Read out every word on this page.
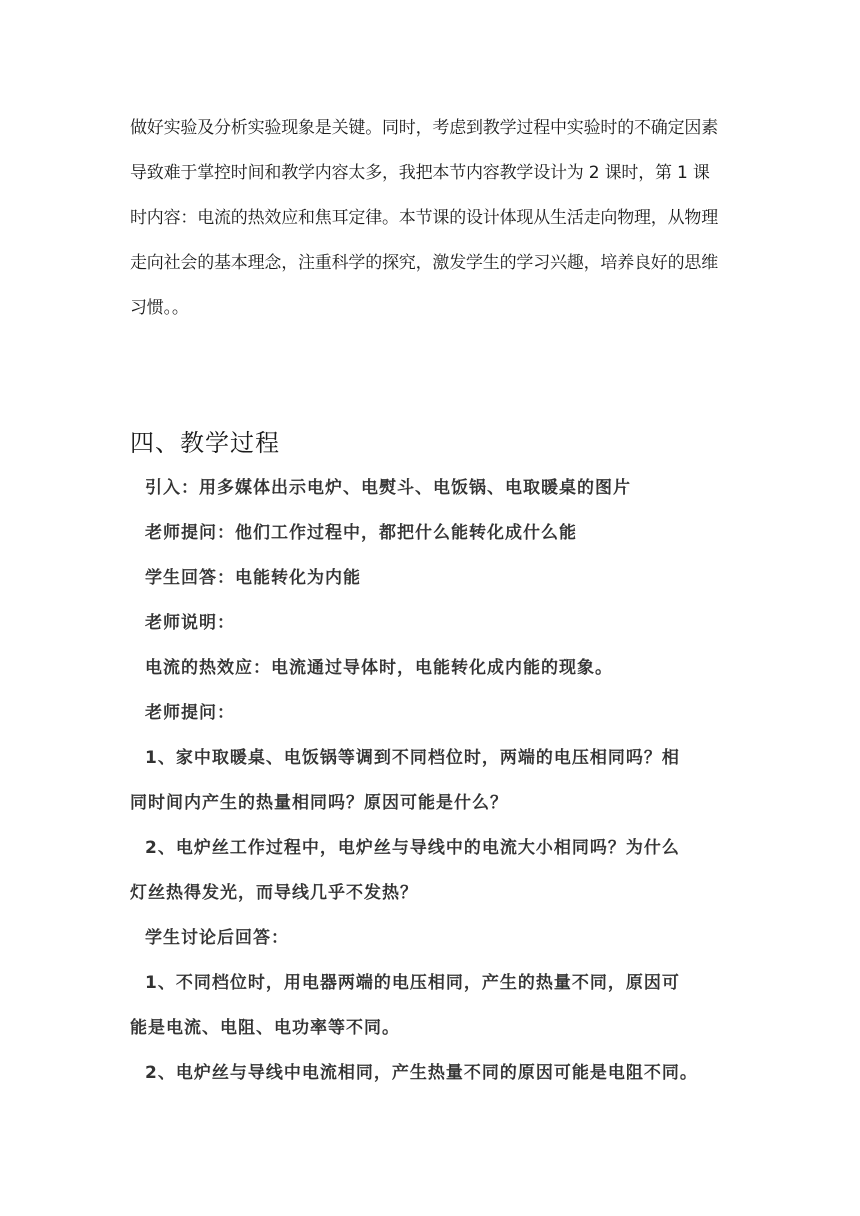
做好实验及分析实验现象是关键。同时，考虑到教学过程中实验时的不确定因素
导致难于掌控时间和教学内容太多，我把本节内容教学设计为 2 课时，第 1 课
时内容：电流的热效应和焦耳定律。本节课的设计体现从生活走向物理，从物理
走向社会的基本理念，注重科学的探究，激发学生的学习兴趣，培养良好的思维
习惯。。
四、教学过程
引入：用多媒体出示电炉、电熨斗、电饭锅、电取暖桌的图片
老师提问：他们工作过程中，都把什么能转化成什么能
学生回答：电能转化为内能
老师说明：
电流的热效应：电流通过导体时，电能转化成内能的现象。
老师提问：
1、家中取暖桌、电饭锅等调到不同档位时，两端的电压相同吗？相
同时间内产生的热量相同吗？原因可能是什么？
2、电炉丝工作过程中，电炉丝与导线中的电流大小相同吗？为什么
灯丝热得发光，而导线几乎不发热？
学生讨论后回答：
1、不同档位时，用电器两端的电压相同，产生的热量不同，原因可
能是电流、电阻、电功率等不同。
2、电炉丝与导线中电流相同，产生热量不同的原因可能是电阻不同。
